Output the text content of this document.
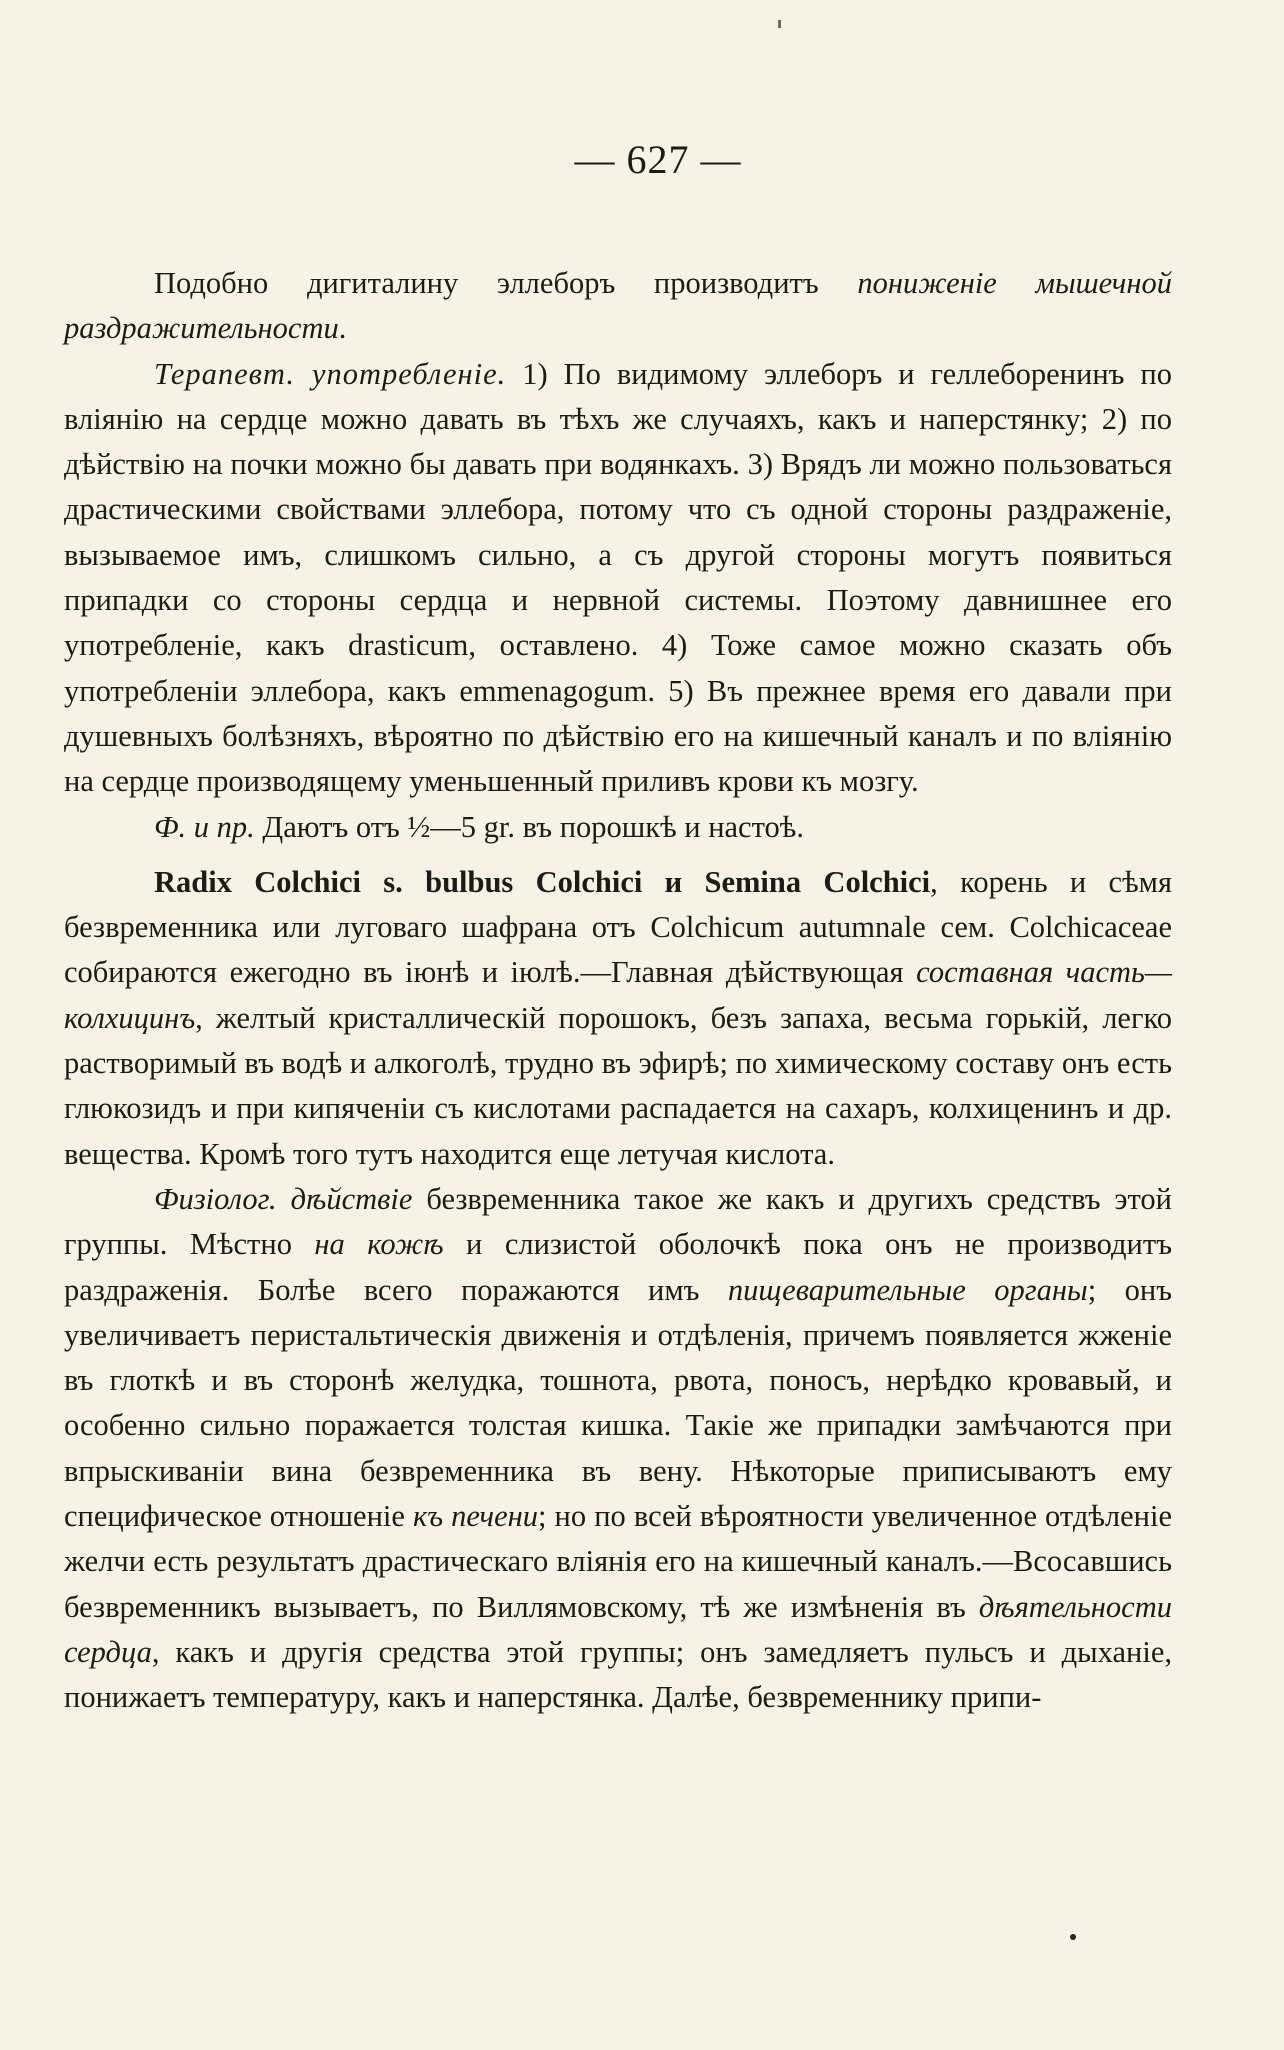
— 627 —

Подобно дигиталину эллеборъ производитъ пониженіе мышечной раздражительности.

Терапевт. употребленіе. 1) По видимому эллеборъ и геллеборенинъ по вліянію на сердце можно давать въ тѣхъ же случаяхъ, какъ и наперстянку; 2) по дѣйствію на почки можно бы давать при водянкахъ. 3) Врядъ ли можно пользоваться драстическими свойствами эллебора, потому что съ одной стороны раздраженіе, вызываемое имъ, слишкомъ сильно, а съ другой стороны могутъ появиться припадки со стороны сердца и нервной системы. Поэтому давнишнее его употребленіе, какъ drasticum, оставлено. 4) Тоже самое можно сказать объ употребленіи эллебора, какъ emmenagogum. 5) Въ прежнее время его давали при душевныхъ болѣзняхъ, вѣроятно по дѣйствію его на кишечный каналъ и по вліянію на сердце производящему уменьшенный приливъ крови къ мозгу.

Ф. и пр. Даютъ отъ ½—5 gr. въ порошкѣ и настоѣ.

Radix Colchici s. bulbus Colchici и Semina Colchici, корень и сѣмя безвременника или луговаго шафрана отъ Colchicum autumnale сем. Colchicaceae собираются ежегодно въ іюнѣ и іюлѣ.—Главная дѣйствующая составная часть—колхицинъ, желтый кристаллическій порошокъ, безъ запаха, весьма горькій, легко растворимый въ водѣ и алкоголѣ, трудно въ эфирѣ; по химическому составу онъ есть глюкозидъ и при кипяченіи съ кислотами распадается на сахаръ, колхиценинъ и др. вещества. Кромѣ того тутъ находится еще летучая кислота.

Физіолог. дѣйствіе безвременника такое же какъ и другихъ средствъ этой группы. Мѣстно на кожѣ и слизистой оболочкѣ пока онъ не производитъ раздраженія. Болѣе всего поражаются имъ пищеварительные органы; онъ увеличиваетъ перистальтическія движенія и отдѣленія, причемъ появляется жженіе въ глоткѣ и въ сторонѣ желудка, тошнота, рвота, поносъ, нерѣдко кровавый, и особенно сильно поражается толстая кишка. Такіе же припадки замѣчаются при впрыскиваніи вина безвременника въ вену. Нѣкоторые приписываютъ ему специфическое отношеніе къ печени; но по всей вѣроятности увеличенное отдѣленіе желчи есть результатъ драстическаго вліянія его на кишечный каналъ.—Всосавшись безвременникъ вызываетъ, по Виллямовскому, тѣ же измѣненія въ дѣятельности сердца, какъ и другія средства этой группы; онъ замедляетъ пульсъ и дыханіе, понижаетъ температуру, какъ и наперстянка. Далѣе, безвременнику припи-
